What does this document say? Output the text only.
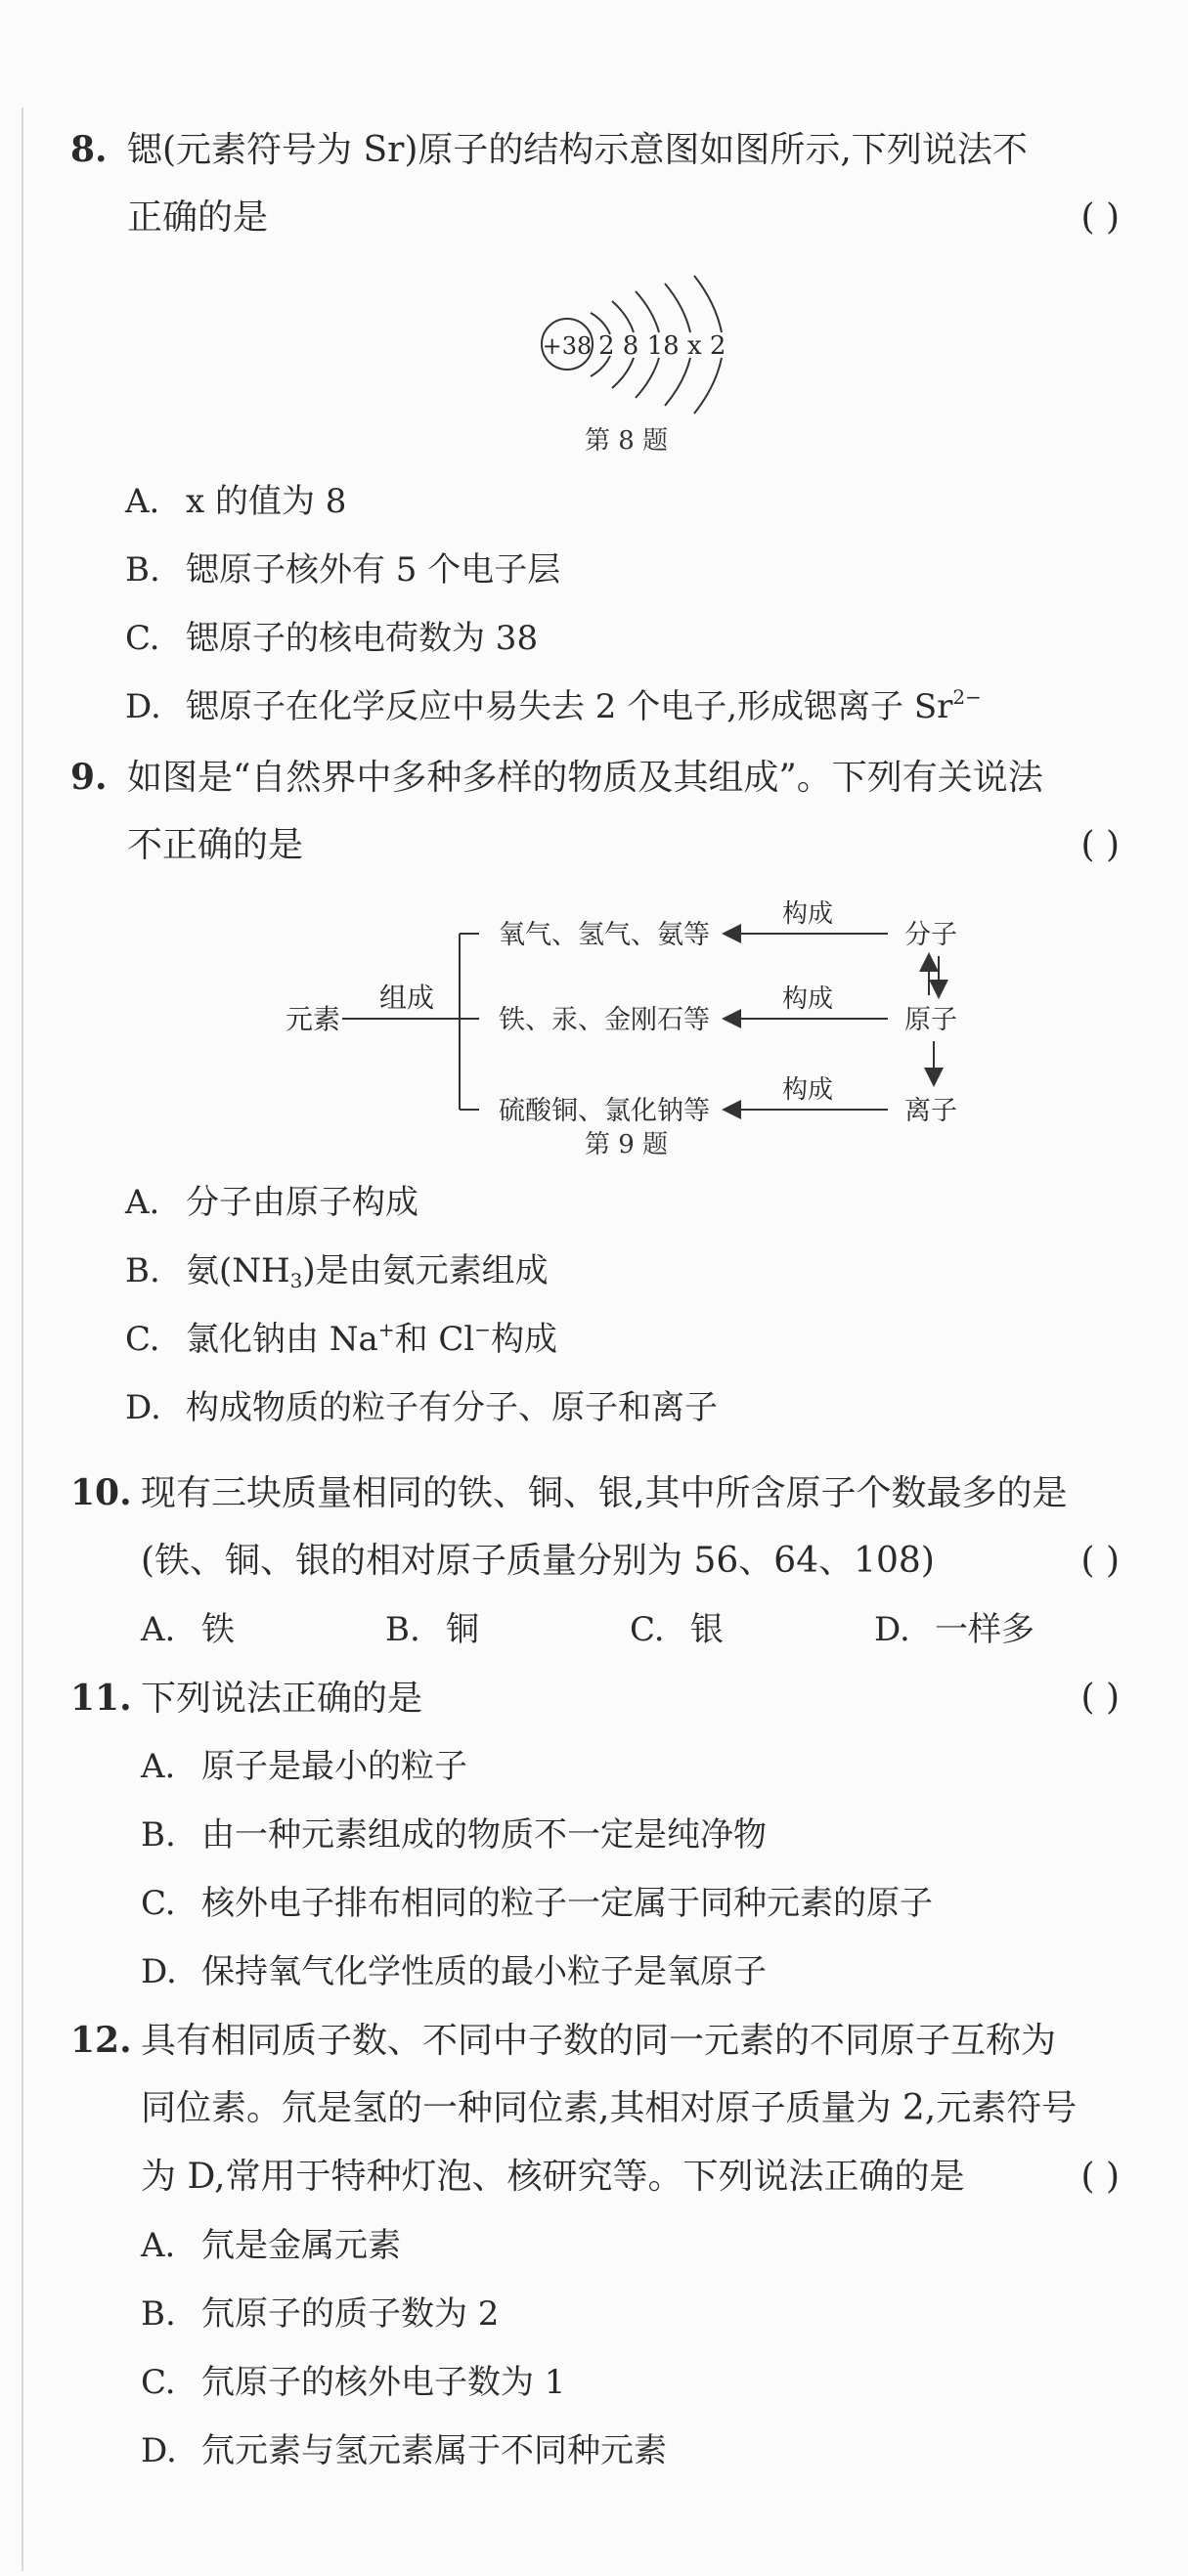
8. 锶(元素符号为 Sr)原子的结构示意图如图所示,下列说法不
正确的是	( )
+38 2 8 18 x 2
第 8 题
A. x 的值为 8
B. 锶原子核外有 5 个电子层
C. 锶原子的核电荷数为 38
D. 锶原子在化学反应中易失去 2 个电子,形成锶离子 $Sr^{2-}$
9. 如图是“自然界中多种多样的物质及其组成”。下列有关说法
不正确的是	( )
元素
组成
氧气、氢气、氨等
铁、汞、金刚石等
硫酸铜、氯化钠等
构成
构成
构成
分子
原子
离子
第 9 题
A. 分子由原子构成
B. 氨$(NH_3)$是由氨元素组成
C. 氯化钠由 Na+和 Cl−构成
D. 构成物质的粒子有分子、原子和离子
10. 现有三块质量相同的铁、铜、银,其中所含原子个数最多的是
(铁、铜、银的相对原子质量分别为 56、64、108)	( )
A. 铁	B. 铜	C. 银	D. 一样多
11. 下列说法正确的是	( )
A. 原子是最小的粒子
B. 由一种元素组成的物质不一定是纯净物
C. 核外电子排布相同的粒子一定属于同种元素的原子
D. 保持氧气化学性质的最小粒子是氧原子
12. 具有相同质子数、不同中子数的同一元素的不同原子互称为
同位素。氘是氢的一种同位素,其相对原子质量为 2,元素符号
为 D,常用于特种灯泡、核研究等。下列说法正确的是	( )
A. 氘是金属元素
B. 氘原子的质子数为 2
C. 氘原子的核外电子数为 1
D. 氘元素与氢元素属于不同种元素
